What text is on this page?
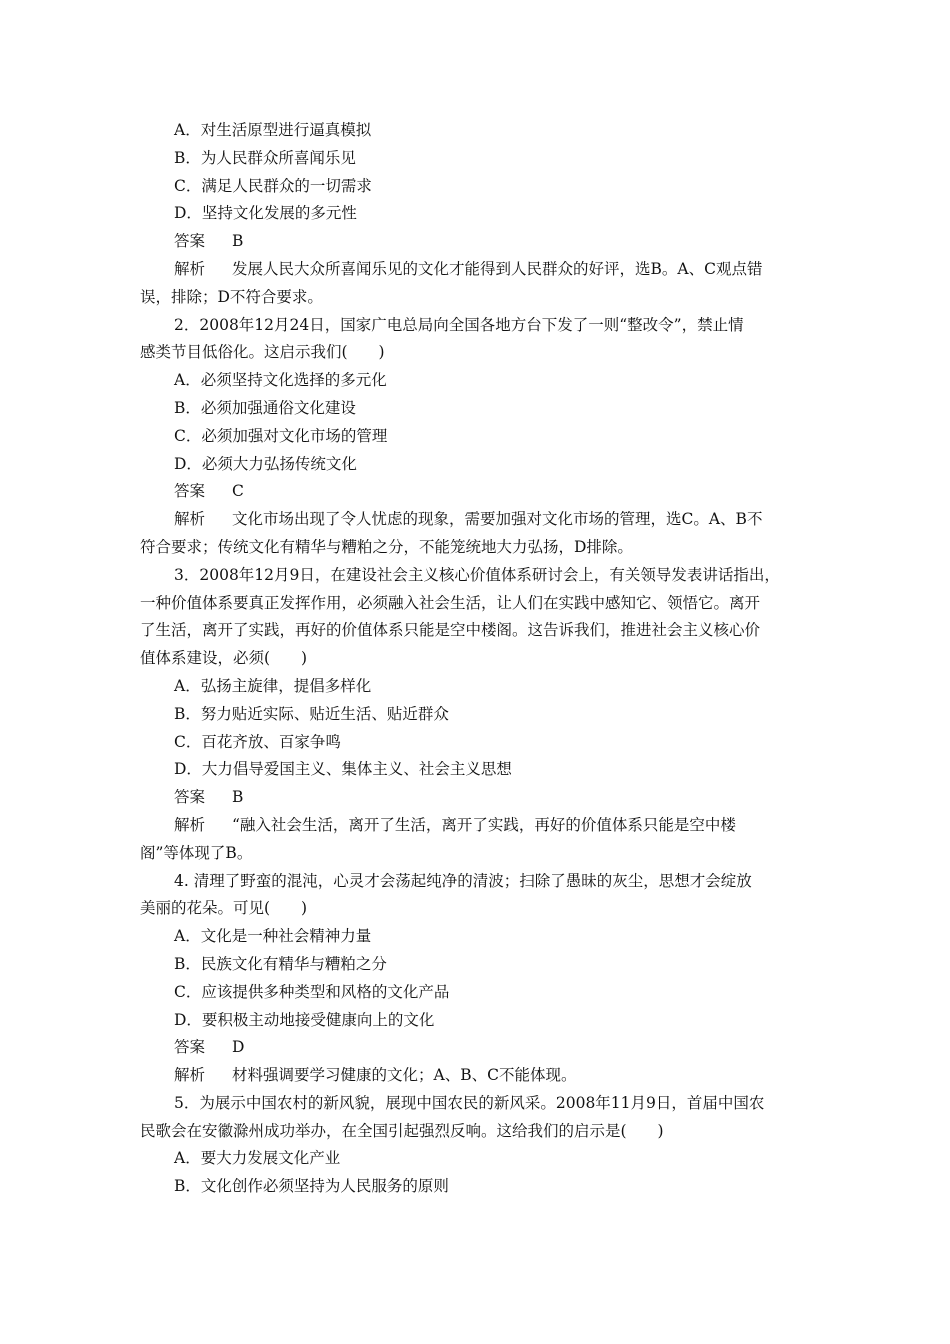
A．对生活原型进行逼真模拟
B．为人民群众所喜闻乐见
C．满足人民群众的一切需求
D．坚持文化发展的多元性
答案 B
解析 发展人民大众所喜闻乐见的文化才能得到人民群众的好评，选B。A、C观点错
误，排除；D不符合要求。
2．2008年12月24日，国家广电总局向全国各地方台下发了一则“整改令”，禁止情
感类节目低俗化。这启示我们(　　)
A．必须坚持文化选择的多元化
B．必须加强通俗文化建设
C．必须加强对文化市场的管理
D．必须大力弘扬传统文化
答案 C
解析 文化市场出现了令人忧虑的现象，需要加强对文化市场的管理，选C。A、B不
符合要求；传统文化有精华与糟粕之分，不能笼统地大力弘扬，D排除。
3．2008年12月9日，在建设社会主义核心价值体系研讨会上，有关领导发表讲话指出，
一种价值体系要真正发挥作用，必须融入社会生活，让人们在实践中感知它、领悟它。离开
了生活，离开了实践，再好的价值体系只能是空中楼阁。这告诉我们，推进社会主义核心价
值体系建设，必须(　　)
A．弘扬主旋律，提倡多样化
B．努力贴近实际、贴近生活、贴近群众
C．百花齐放、百家争鸣
D．大力倡导爱国主义、集体主义、社会主义思想
答案 B
解析 “融入社会生活，离开了生活，离开了实践，再好的价值体系只能是空中楼
阁”等体现了B。
4. 清理了野蛮的混沌，心灵才会荡起纯净的清波；扫除了愚昧的灰尘，思想才会绽放
美丽的花朵。可见(　　)
A．文化是一种社会精神力量
B．民族文化有精华与糟粕之分
C．应该提供多种类型和风格的文化产品
D．要积极主动地接受健康向上的文化
答案 D
解析 材料强调要学习健康的文化；A、B、C不能体现。
5．为展示中国农村的新风貌，展现中国农民的新风采。2008年11月9日，首届中国农
民歌会在安徽滁州成功举办，在全国引起强烈反响。这给我们的启示是(　　)
A．要大力发展文化产业
B．文化创作必须坚持为人民服务的原则
